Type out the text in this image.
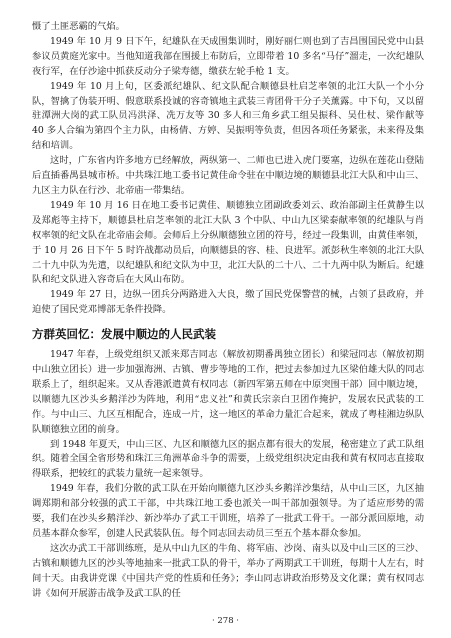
慑了土匪恶霸的气焰。

1949 年 10 月 9 日下午，纪雄队在天成围集训时，刚好丽仁则也到了吉昌围国民党中山县参议员黄庭光家中。当他知道我部在围援上布防后，立即带着 10 多名“马仔”溜走，一次纪雄队夜行军，在仔沙途中抓获反动分子梁寿德，缴获左轮手枪 1 支。

1949 年 10 月上旬，区委派纪雄队、纪文队配合顺德县杜启芝率领的北江大队一个小分队，智擒了伪装开明、假意联系投诚的容奇镇地主武装三青团骨干分子关薰露。中下旬，又以留驻潭洲大岗的武工队员冯洪泽、冼万友等 30 多人和三角乡武工组吴振科、吴仕杖、梁作献等 40 多人合编为第四个主力队，由杨倩、方婷、吴振明等负责，但因各项任务紧张，未来得及集结和培训。

这时，广东省内许多地方已经解放，两纵第一、二师也已进入虎门要塞，边纵在莲花山登陆后直插番禺县城市桥。中共珠江地工委书记黄佳命令驻在中顺边境的顺德县北江大队和中山三、九区主力队在行沙、北帝庙一带集结。

1949 年 10 月 16 日在地工委书记黄佳、顺德独立团副政委刘云、政治部副主任黄静生以及郑彪等主持下，顺德县杜启芝率领的北江大队 3 个中队、中山九区梁泰献率领的纪雄队与肖权率领的纪文队在北帝庙会师。会师后上分纵顺德独立团的符号，经过一段集训，由黄佳率领，于 10 月 26 日下午 5 时许战都动员后，向顺德县的容、桂、良进军。派彭秋生率领的北江大队二十九中队为先遣，以纪雄队和纪文队为中卫，北江大队的二十八、二十九两中队为断后。纪雄队和纪文队进入容奇后在大风山布防。

1949 年 27 日，边纵一团兵分两路进入大良，缴了国民党保警营的械，占领了县政府，并迫使了国民党邓博部无条件投降。

方群英回忆：发展中顺边的人民武装

1947 年春，上级党组织又派来郑吉同志（解放初期番禺独立团长）和梁冠同志（解放初期中山独立团长）进一步加强海洲、古镇、曹步等地的工作，把过去参加过九区梁伯雄大队的同志联系上了，组织起来。又从香港派遣黄有权同志（新四军第五师在中原突围干部）回中顺边境，以顺德九区沙头乡鹅洋沙为阵地，利用“忠义社”和黄氏宗亲白卫团作掩护，发展农民武装的工作。与中山三、九区互相配合，连成一片，这一地区的革命力量汇合起来，就成了粤桂湘边纵队队顺德独立团的前身。

到 1948 年夏天，中山三区、九区和顺德九区的据点都有很大的发展，秘密建立了武工队组织。随着全国全省形势和珠江三角洲革命斗争的需要，上级党组织决定由我和黄有权同志直接取得联系，把较红的武装力量统一起来领导。

1949 年春，我们分散的武工队在开始向顺德九区沙头乡鹅洋沙集结，从中山三区，九区抽调郑期和部分较强的武工干部，中共珠江地工委也派关一叫干部加强领导。为了适应形势的需要，我们在沙头乡鹅洋沙、新沙举办了武工干训班，培养了一批武工骨干。一部分派回原地，动员基本群众参军，创建人民武装队伍。每个同志回去动员三至五个基本群众参加。

这次办武工干部训练班，是从中山九区的牛角、将军庙、沙岗、南头以及中山三区的三沙、古镇和顺德九区的沙头等地抽来一批武工队的骨干，举办了两期武工干训班，每期十人左右，时间十天。由我讲党课《中国共产党的性质和任务》；李山同志讲政治形势及文化课；黄有权同志讲《如何开展游击战争及武工队的任

· 278 ·
